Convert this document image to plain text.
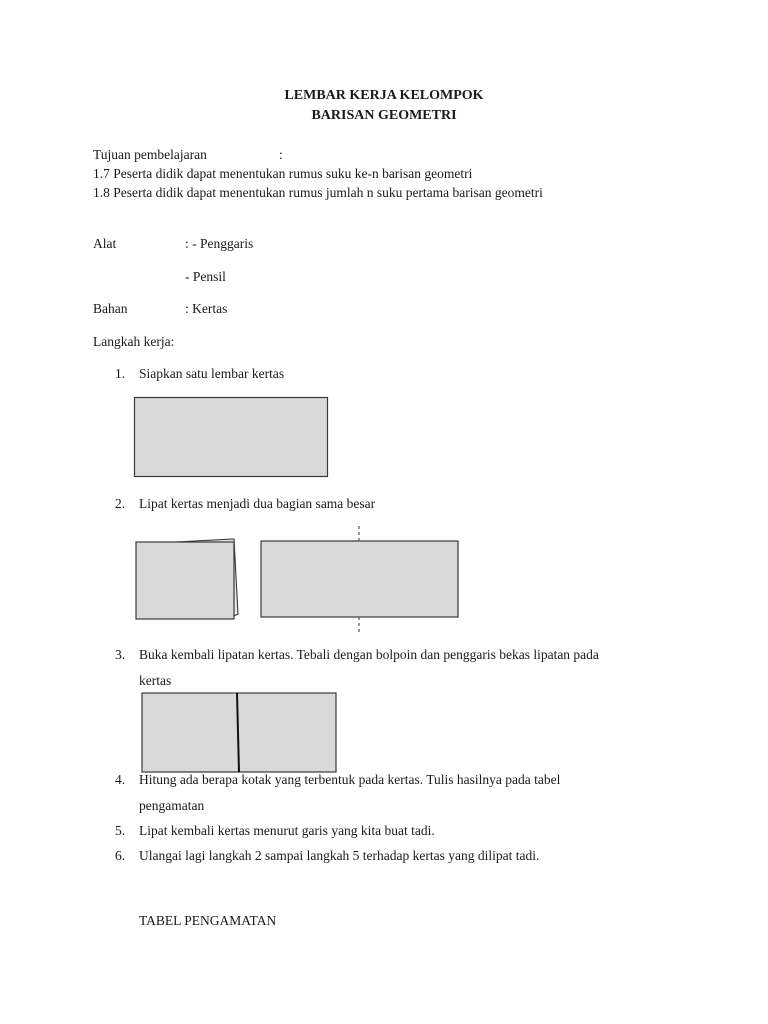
LEMBAR KERJA KELOMPOK
BARISAN GEOMETRI
Tujuan pembelajaran	:
1.7 Peserta didik dapat menentukan rumus suku ke-n barisan geometri
1.8 Peserta didik dapat menentukan rumus jumlah n suku pertama barisan geometri
Alat	: - Penggaris
- Pensil
Bahan	: Kertas
Langkah kerja:
1. Siapkan satu lembar kertas
2. Lipat kertas menjadi dua bagian sama besar
3. Buka kembali lipatan kertas. Tebali dengan bolpoin dan penggaris bekas lipatan pada
kertas
4. Hitung ada berapa kotak yang terbentuk pada kertas. Tulis hasilnya pada tabel
pengamatan
5. Lipat kembali kertas menurut garis yang kita buat tadi.
6. Ulangai lagi langkah 2 sampai langkah 5 terhadap kertas yang dilipat tadi.
TABEL PENGAMATAN
